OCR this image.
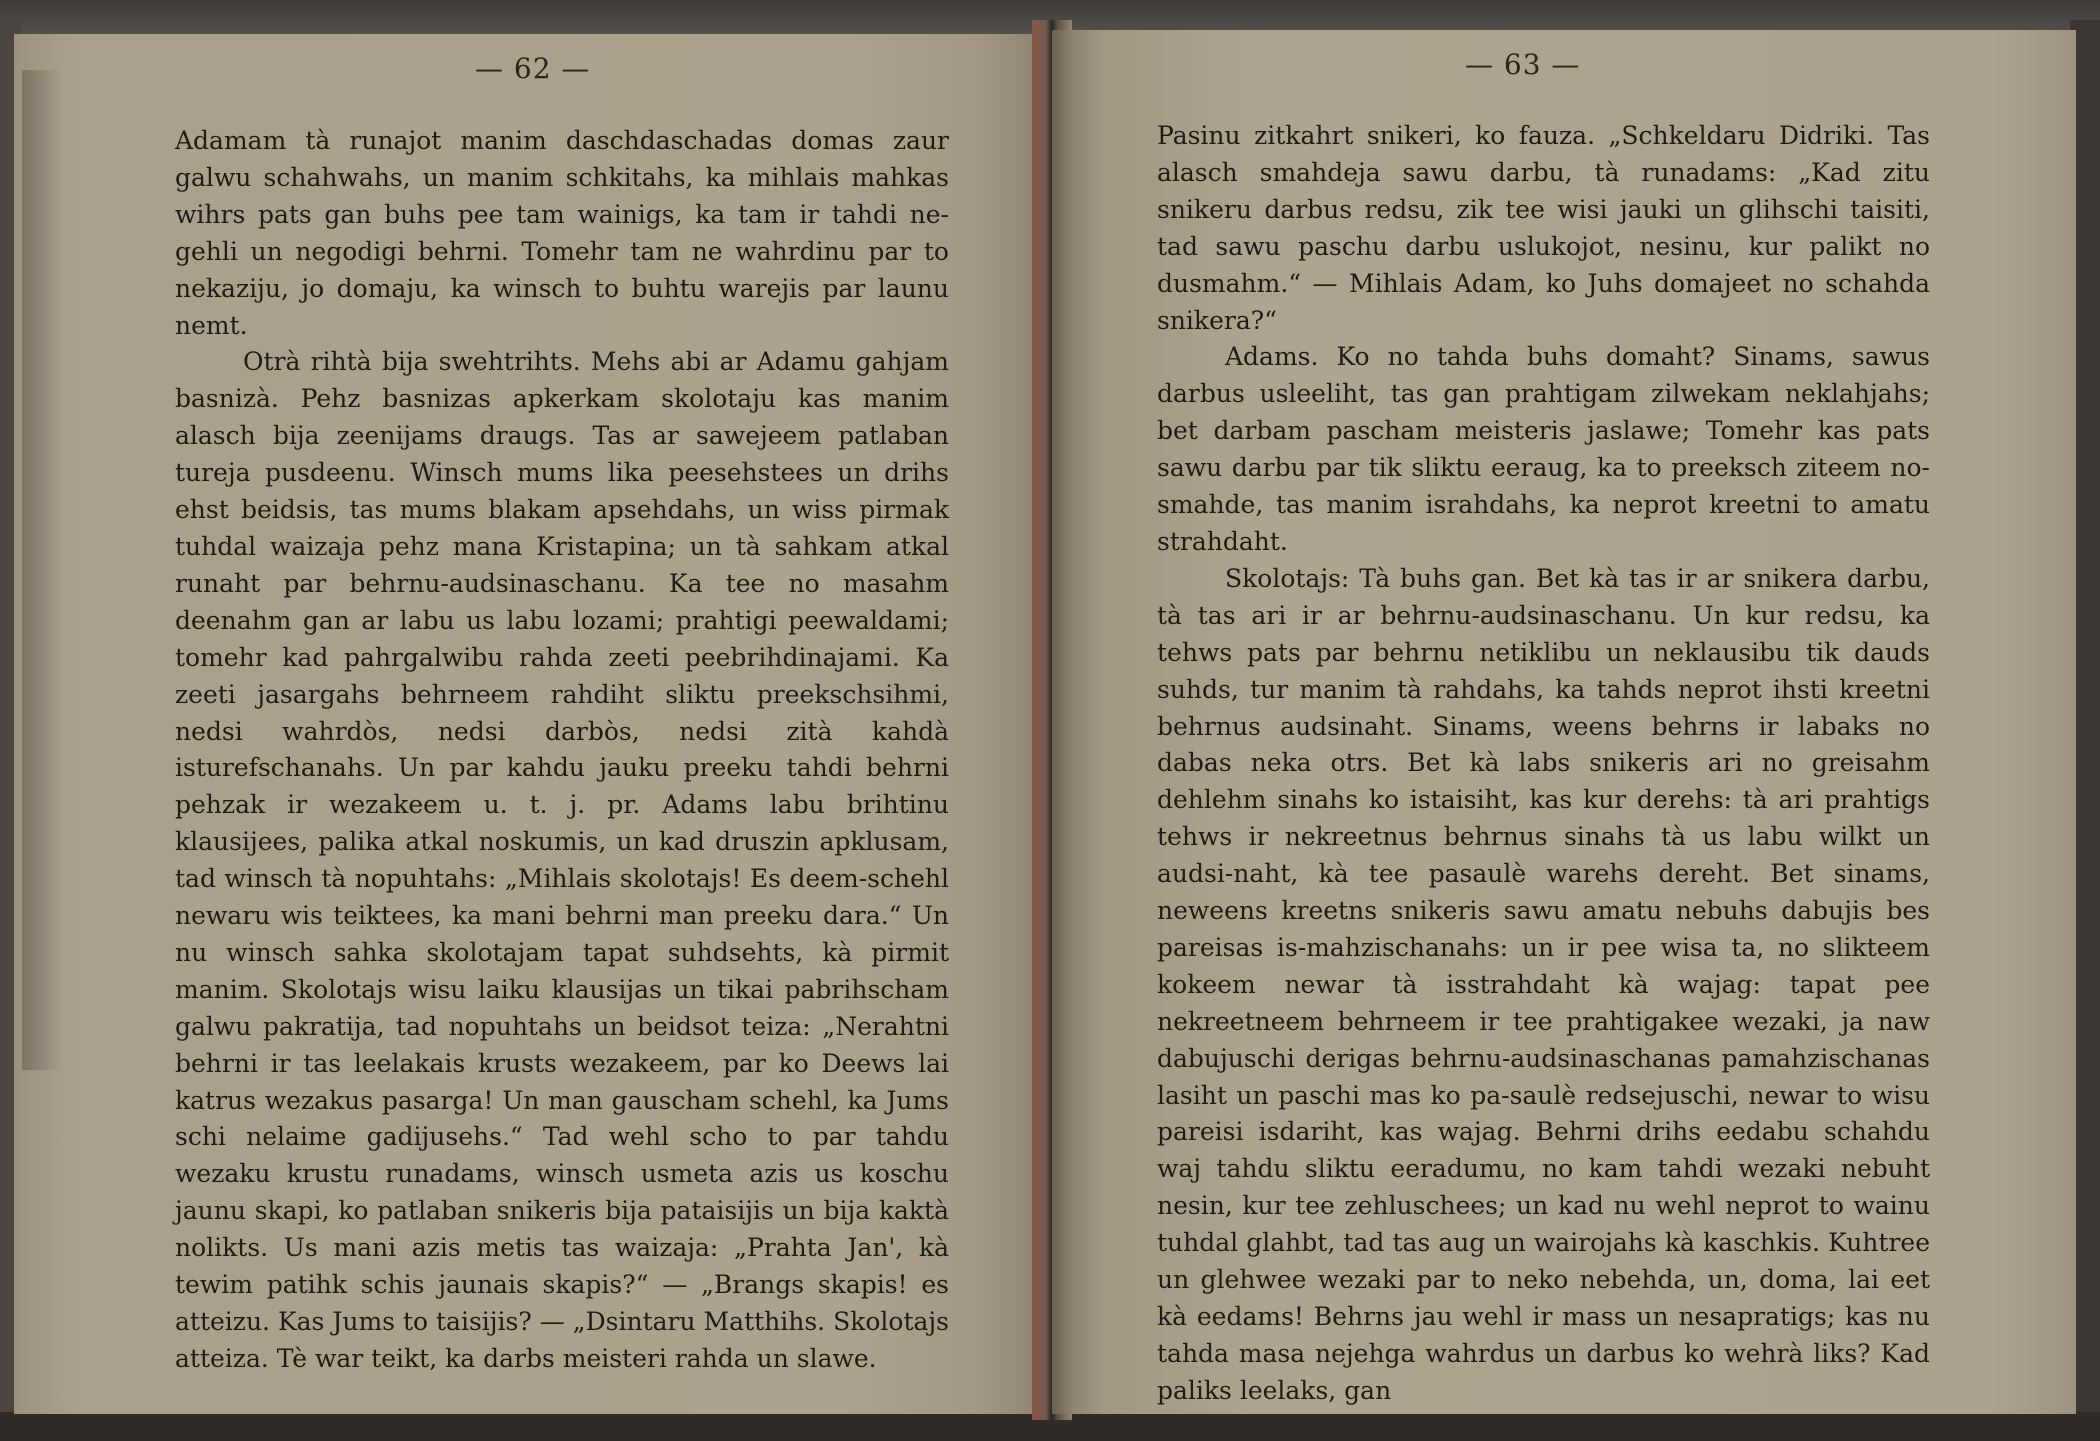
— 62 —	— 63 —

Adamam tà runajot manim daschdaschadas domas zaur galwu schahwahs, un manim schkitahs, ka mihlais mahkas wihrs pats gan buhs pee tam wainigs, ka tam ir tahdi ne-gehli un negodigi behrni. Tomehr tam ne wahrdinu par to nekaziju, jo domaju, ka winsch to buhtu warejis par launu nemt.

Otrà rihtà bija swehtrihts. Mehs abi ar Adamu gahjam basnizà. Pehz basnizas apkerkam skolotaju kas manim alasch bija zeenijams draugs. Tas ar sawejeem patlaban tureja pusdeenu. Winsch mums lika peesehstees un drihs ehst beidsis, tas mums blakam apsehdahs, un wiss pirmak tuhdal waizaja pehz mana Kristapina; un tà sahkam atkal runaht par behrnu-audsinaschanu. Ka tee no masahm deenahm gan ar labu us labu lozami; prahtigi peewaldami; tomehr kad pahrgalwibu rahda zeeti peebrihdinajami. Ka zeeti jasargahs behrneem rahdiht sliktu preekschsihmi, nedsi wahrdòs, nedsi darbòs, nedsi zità kahdà isturefschanahs. Un par kahdu jauku preeku tahdi behrni pehzak ir wezakeem u. t. j. pr. Adams labu brihtinu klausijees, palika atkal noskumis, un kad druszin apklusam, tad winsch tà nopuhtahs: „Mihlais skolotajs! Es deem-schehl newaru wis teiktees, ka mani behrni man preeku dara.“ Un nu winsch sahka skolotajam tapat suhdsehts, kà pirmit manim. Skolotajs wisu laiku klausijas un tikai pabrihscham galwu pakratija, tad nopuhtahs un beidsot teiza: „Nerahtni behrni ir tas leelakais krusts wezakeem, par ko Deews lai katrus wezakus pasarga! Un man gauscham schehl, ka Jums schi nelaime gadijusehs.“ Tad wehl scho to par tahdu wezaku krustu runadams, winsch usmeta azis us koschu jaunu skapi, ko patlaban snikeris bija pataisijis un bija kaktà nolikts. Us mani azis metis tas waizaja: „Prahta Jan', kà tewim patihk schis jaunais skapis?“ — „Brangs skapis! es atteizu. Kas Jums to taisijis? — „Dsintaru Matthihs. Skolotajs atteiza. Tè war teikt, ka darbs meisteri rahda un slawe.

Pasinu zitkahrt snikeri, ko fauza. „Schkeldaru Didriki. Tas alasch smahdeja sawu darbu, tà runadams: „Kad zitu snikeru darbus redsu, zik tee wisi jauki un glihschi taisiti, tad sawu paschu darbu uslukojot, nesinu, kur palikt no dusmahm.“ — Mihlais Adam, ko Juhs domajeet no schahda snikera?“

Adams. Ko no tahda buhs domaht? Sinams, sawus darbus usleeliht, tas gan prahtigam zilwekam neklahjahs; bet darbam pascham meisteris jaslawe; Tomehr kas pats sawu darbu par tik sliktu eeraug, ka to preeksch ziteem no-smahde, tas manim israhdahs, ka neprot kreetni to amatu strahdaht.

Skolotajs: Tà buhs gan. Bet kà tas ir ar snikera darbu, tà tas ari ir ar behrnu-audsinaschanu. Un kur redsu, ka tehws pats par behrnu netiklibu un neklausibu tik dauds suhds, tur manim tà rahdahs, ka tahds neprot ihsti kreetni behrnus audsinaht. Sinams, weens behrns ir labaks no dabas neka otrs. Bet kà labs snikeris ari no greisahm dehlehm sinahs ko istaisiht, kas kur derehs: tà ari prahtigs tehws ir nekreetnus behrnus sinahs tà us labu wilkt un audsi-naht, kà tee pasaulè warehs dereht. Bet sinams, neweens kreetns snikeris sawu amatu nebuhs dabujis bes pareisas is-mahzischanahs: un ir pee wisa ta, no slikteem kokeem newar tà isstrahdaht kà wajag: tapat pee nekreetneem behrneem ir tee prahtigakee wezaki, ja naw dabujuschi derigas behrnu-audsinaschanas pamahzischanas lasiht un paschi mas ko pa-saulè redsejuschi, newar to wisu pareisi isdariht, kas wajag. Behrni drihs eedabu schahdu waj tahdu sliktu eeradumu, no kam tahdi wezaki nebuht nesin, kur tee zehluschees; un kad nu wehl neprot to wainu tuhdal glahbt, tad tas aug un wairojahs kà kaschkis. Kuhtree un glehwee wezaki par to neko nebehda, un, doma, lai eet kà eedams! Behrns jau wehl ir mass un nesapratigs; kas nu tahda masa nejehga wahrdus un darbus ko wehrà liks? Kad paliks leelaks, gan
